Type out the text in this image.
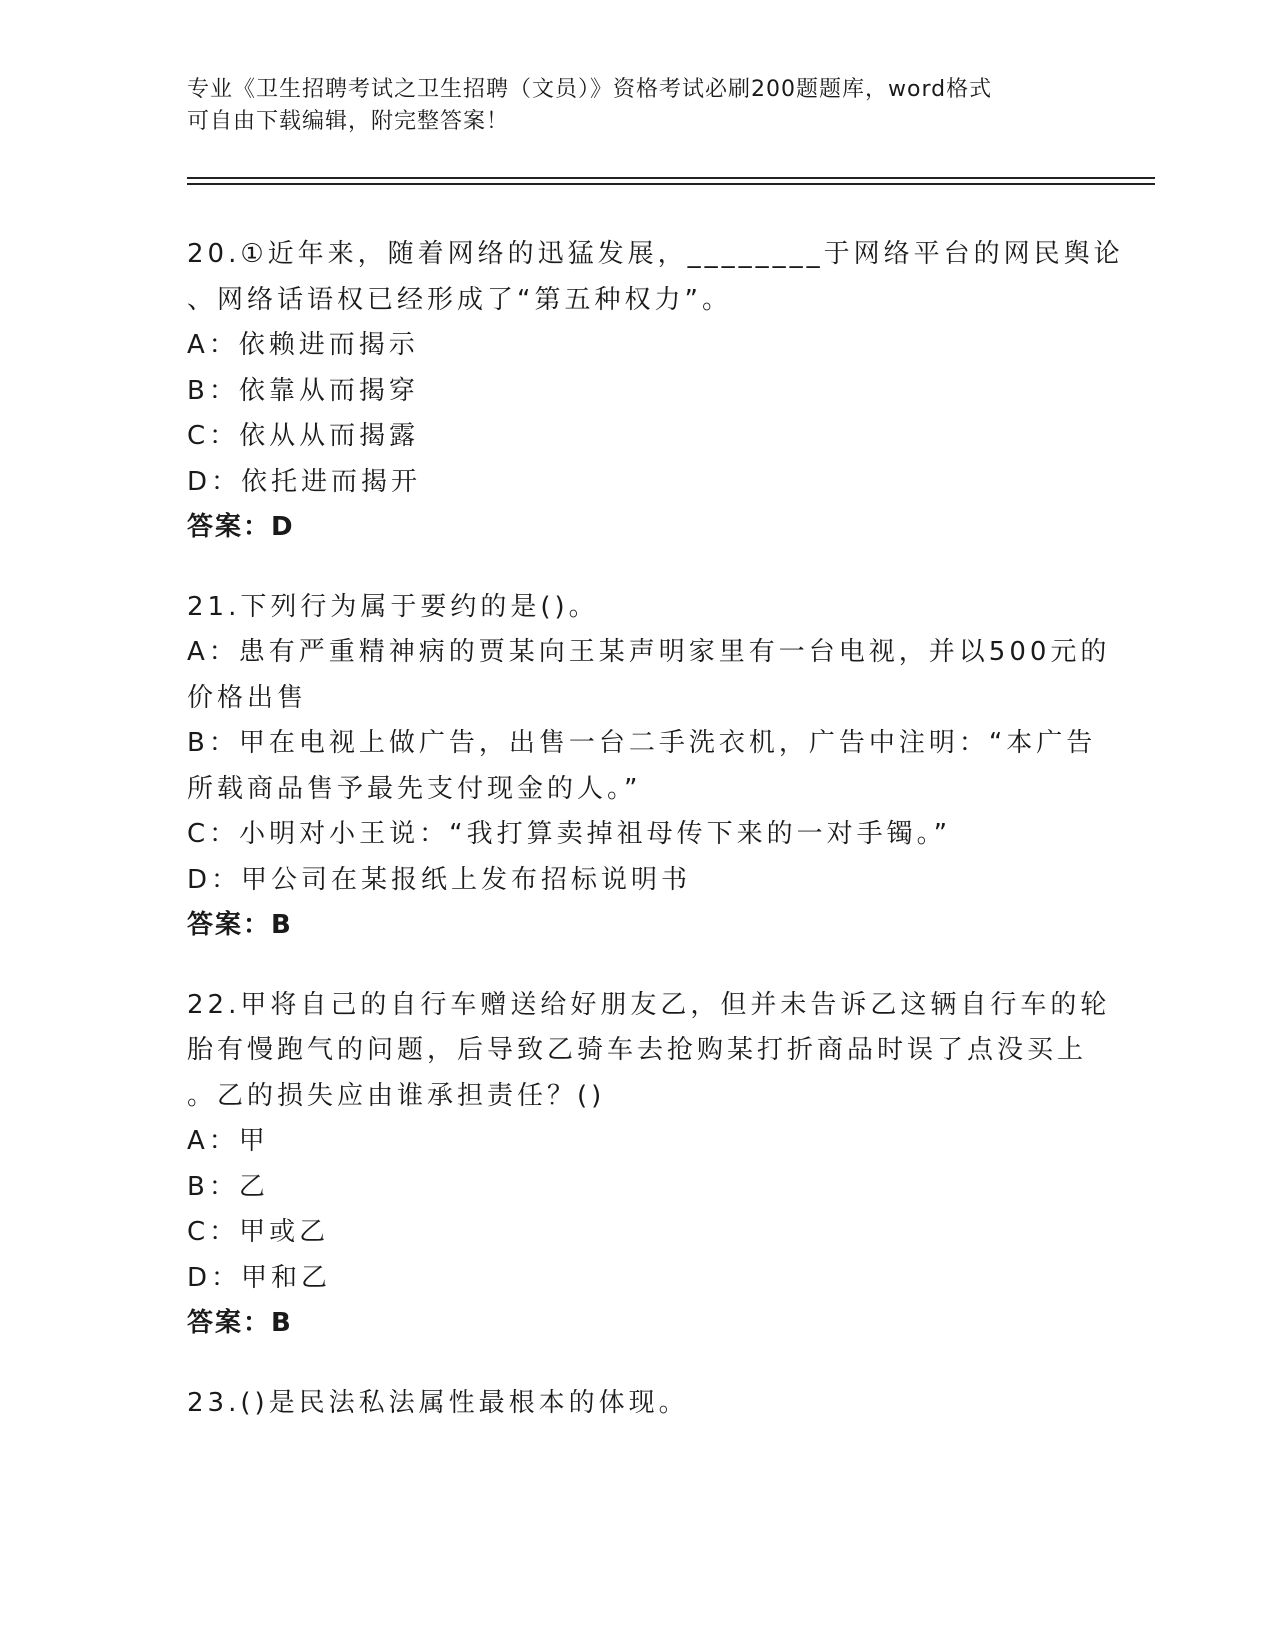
专业《卫生招聘考试之卫生招聘（文员）》资格考试必刷200题题库，word格式
可自由下载编辑，附完整答案！
20.①近年来，随着网络的迅猛发展，________于网络平台的网民舆论
、网络话语权已经形成了“第五种权力”。
A：依赖进而揭示
B：依靠从而揭穿
C：依从从而揭露
D：依托进而揭开
答案：D
21.下列行为属于要约的是()。
A：患有严重精神病的贾某向王某声明家里有一台电视，并以500元的
价格出售
B：甲在电视上做广告，出售一台二手洗衣机，广告中注明：“本广告
所载商品售予最先支付现金的人。”
C：小明对小王说：“我打算卖掉祖母传下来的一对手镯。”
D：甲公司在某报纸上发布招标说明书
答案：B
22.甲将自己的自行车赠送给好朋友乙，但并未告诉乙这辆自行车的轮
胎有慢跑气的问题，后导致乙骑车去抢购某打折商品时误了点没买上
。乙的损失应由谁承担责任？()
A：甲
B：乙
C：甲或乙
D：甲和乙
答案：B
23.()是民法私法属性最根本的体现。
